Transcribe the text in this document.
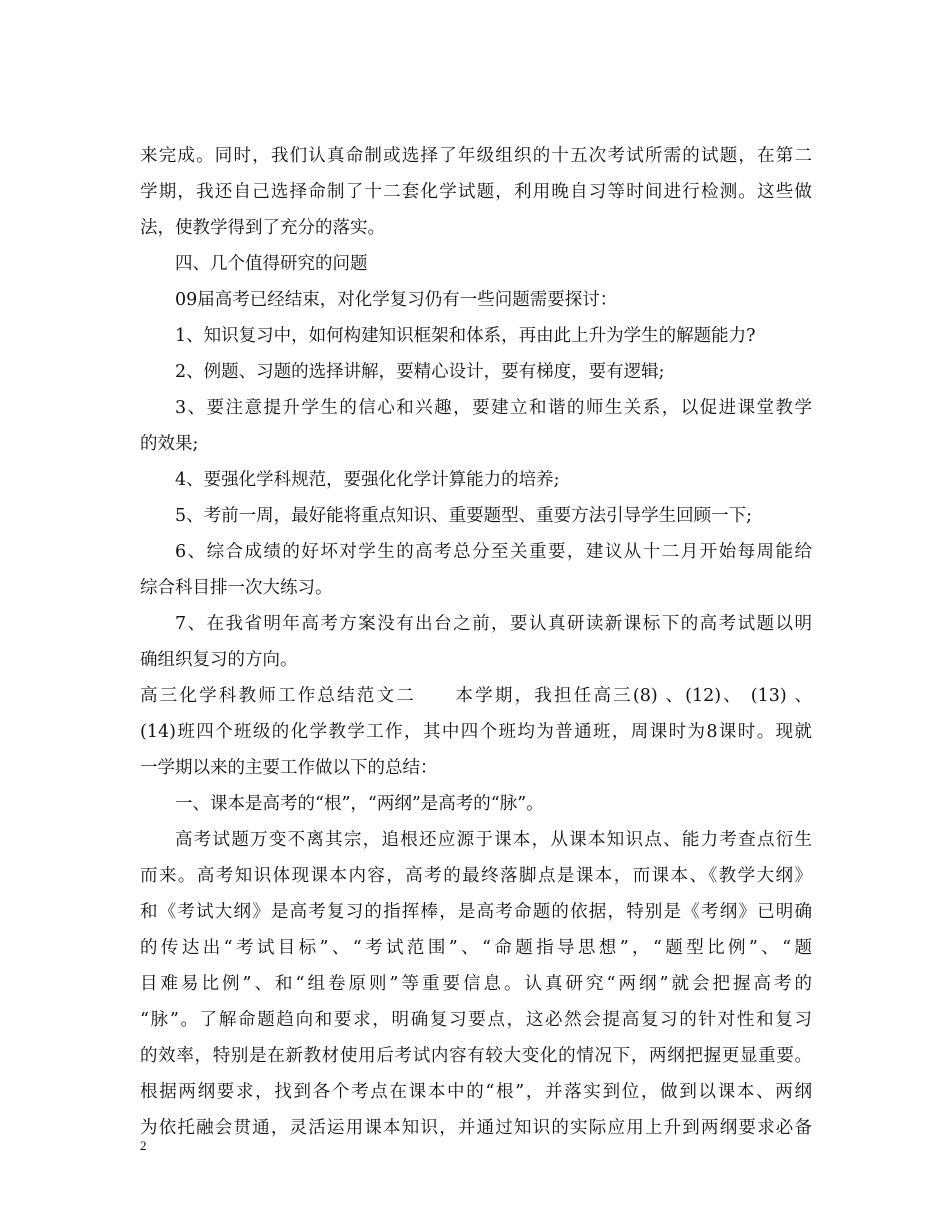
来完成。同时，我们认真命制或选择了年级组织的十五次考试所需的试题，在第二
学期，我还自己选择命制了十二套化学试题，利用晚自习等时间进行检测。这些做
法，使教学得到了充分的落实。
四、几个值得研究的问题
09届高考已经结束，对化学复习仍有一些问题需要探讨：
1、知识复习中，如何构建知识框架和体系，再由此上升为学生的解题能力?
2、例题、习题的选择讲解，要精心设计，要有梯度，要有逻辑;
3、要注意提升学生的信心和兴趣，要建立和谐的师生关系，以促进课堂教学
的效果;
4、要强化学科规范，要强化化学计算能力的培养;
5、考前一周，最好能将重点知识、重要题型、重要方法引导学生回顾一下;
6、综合成绩的好坏对学生的高考总分至关重要，建议从十二月开始每周能给
综合科目排一次大练习。
7、在我省明年高考方案没有出台之前，要认真研读新课标下的高考试题以明
确组织复习的方向。
高三化学科教师工作总结范文二　　本学期，我担任高三(8) 、(12)、 (13) 、
(14)班四个班级的化学教学工作，其中四个班均为普通班，周课时为8课时。现就
一学期以来的主要工作做以下的总结：
一、课本是高考的“根”，“两纲”是高考的“脉”。
高考试题万变不离其宗，追根还应源于课本，从课本知识点、能力考查点衍生
而来。高考知识体现课本内容，高考的最终落脚点是课本，而课本、《教学大纲》
和《考试大纲》是高考复习的指挥棒，是高考命题的依据，特别是《考纲》已明确
的传达出“考试目标”、“考试范围”、“命题指导思想”，“题型比例”、“题
目难易比例”、和“组卷原则”等重要信息。认真研究“两纲”就会把握高考的
“脉”。了解命题趋向和要求，明确复习要点，这必然会提高复习的针对性和复习
的效率，特别是在新教材使用后考试内容有较大变化的情况下，两纲把握更显重要。
根据两纲要求，找到各个考点在课本中的“根”，并落实到位，做到以课本、两纲
为依托融会贯通，灵活运用课本知识，并通过知识的实际应用上升到两纲要求必备
2
